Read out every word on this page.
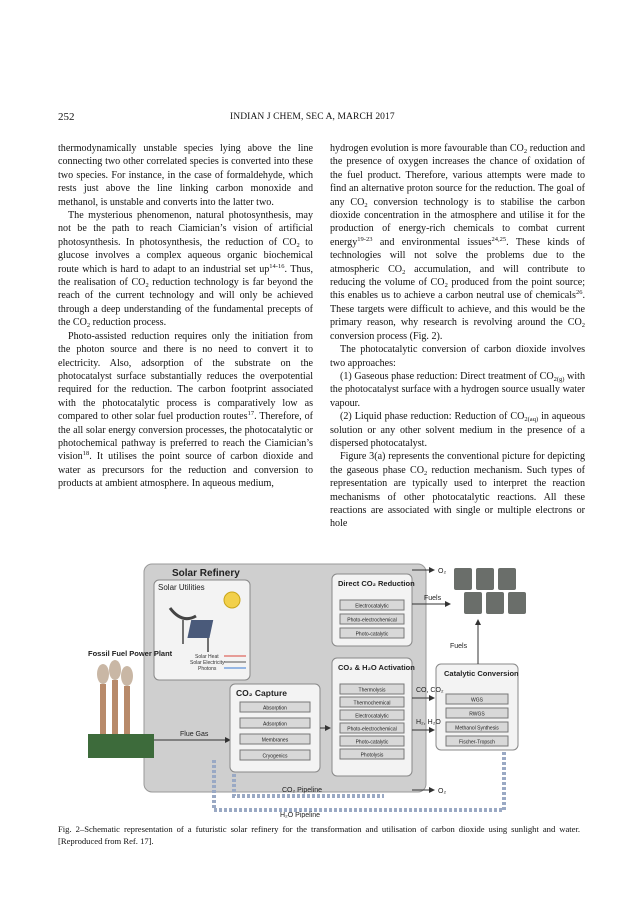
252	INDIAN J CHEM, SEC A, MARCH 2017

thermodynamically unstable species lying above the line connecting two other correlated species is converted into these two species. For instance, in the case of formaldehyde, which rests just above the line linking carbon monoxide and methanol, is unstable and converts into the latter two.

The mysterious phenomenon, natural photosynthesis, may not be the path to reach Ciamician’s vision of artificial photosynthesis. In photosynthesis, the reduction of $CO_2$ to glucose involves a complex aqueous organic biochemical route which is hard to adapt to an industrial set $up^{14-16}$. Thus, the realisation of $CO_2$ reduction technology is far beyond the reach of the current technology and will only be achieved through a deep understanding of the fundamental precepts of the $CO_2$ reduction process.

Photo-assisted reduction requires only the initiation from the photon source and there is no need to convert it to electricity. Also, adsorption of the substrate on the photocatalyst surface substantially reduces the overpotential required for the reduction. The carbon footprint associated with the photocatalytic process is comparatively low as compared to other solar fuel production routes$^{17}$. Therefore, of the all solar energy conversion processes, the photocatalytic or photochemical pathway is preferred to reach the Ciamician’s vision$^{18}$. It utilises the point source of carbon dioxide and water as precursors for the reduction and conversion to products at ambient atmosphere. In aqueous medium,

hydrogen evolution is more favourable than $CO_2$ reduction and the presence of oxygen increases the chance of oxidation of the fuel product. Therefore, various attempts were made to find an alternative proton source for the reduction. The goal of any $CO_2$ conversion technology is to stabilise the carbon dioxide concentration in the atmosphere and utilise it for the production of energy-rich chemicals to combat current energy$^{19-23}$ and environmental issues$^{24,25}$. These kinds of technologies will not solve the problems due to the atmospheric $CO_2$ accumulation, and will contribute to reducing the volume of $CO_2$ produced from the point source; this enables us to achieve a carbon neutral use of chemicals$^{26}$. These targets were difficult to achieve, and this would be the primary reason, why research is revolving around the $CO_2$ conversion process (Fig. 2).

The photocatalytic conversion of carbon dioxide involves two approaches:

(1) Gaseous phase reduction: Direct treatment of $CO_{2(g)}$ with the photocatalyst surface with a hydrogen source usually water vapour.

(2) Liquid phase reduction: Reduction of $CO_{2(aq)}$ in aqueous solution or any other solvent medium in the presence of a dispersed photocatalyst.

Figure 3(a) represents the conventional picture for depicting the gaseous phase $CO_2$ reduction mechanism. Such types of representation are typically used to interpret the reaction mechanisms of other photocatalytic reactions. All these reactions are associated with single or multiple electrons or hole

Solar Refinery
Solar Utilities
Solar Heat
Solar Electricity
Photons
Fossil Fuel Power Plant
Flue Gas
CO₂ Capture
Absorption
Adsorption
Membranes
Cryogenics
Direct CO₂ Reduction
Electrocatalytic
Photo-electrochemical
Photo-catalytic
CO₂ & H₂O Activation
Thermolysis
Thermochemical
Electrocatalytic
Photo-electrochemical
Photo-catalytic
Photolysis
Catalytic Conversion
WGS
RWGS
Methanol Synthesis
Fischer-Tropsch
Fuels
Fuels
CO, CO₂
H₂, H₂O
O₂
O₂
CO₂ Pipeline
H₂O Pipeline
Fig. 2–Schematic representation of a futuristic solar refinery for the transformation and utilisation of carbon dioxide using sunlight and water. [Reproduced from Ref. 17].
